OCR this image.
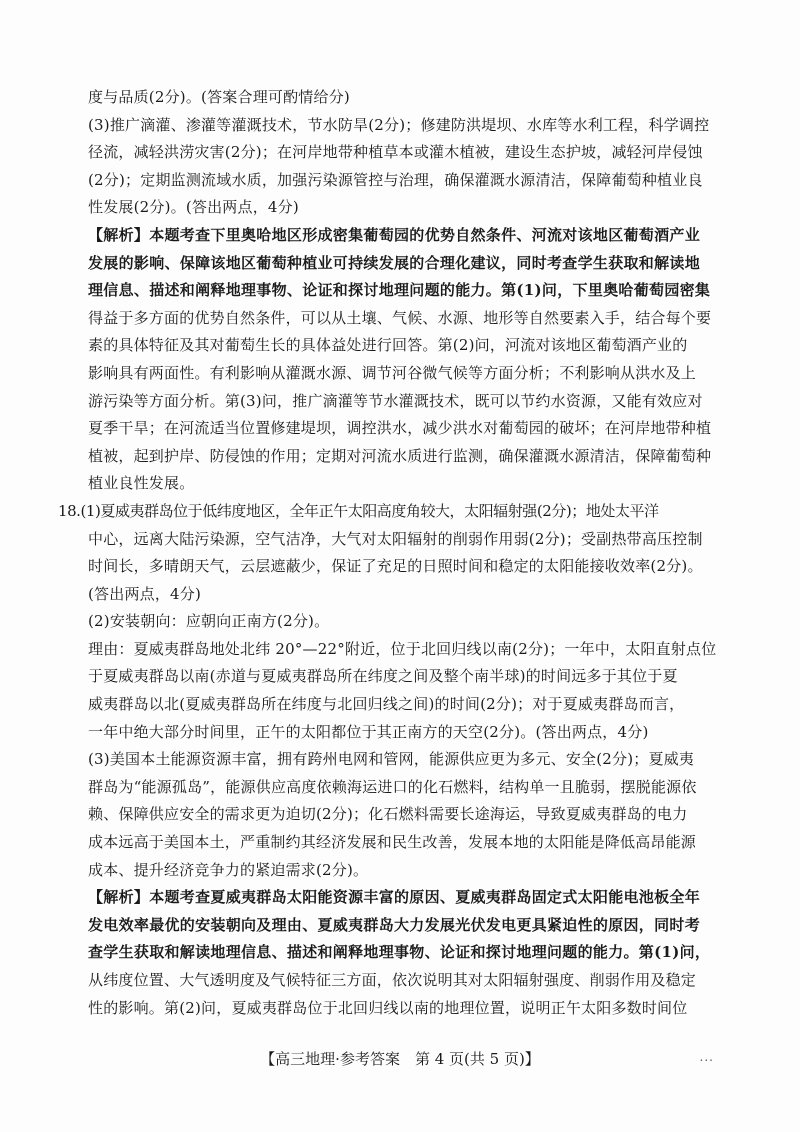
度与品质(2分)。(答案合理可酌情给分)
(3)推广滴灌、渗灌等灌溉技术，节水防旱(2分)；修建防洪堤坝、水库等水利工程，科学调控
径流，减轻洪涝灾害(2分)；在河岸地带种植草本或灌木植被，建设生态护坡，减轻河岸侵蚀
(2分)；定期监测流域水质，加强污染源管控与治理，确保灌溉水源清洁，保障葡萄种植业良
性发展(2分)。(答出两点，4分)
【解析】本题考查下里奥哈地区形成密集葡萄园的优势自然条件、河流对该地区葡萄酒产业
发展的影响、保障该地区葡萄种植业可持续发展的合理化建议，同时考查学生获取和解读地
理信息、描述和阐释地理事物、论证和探讨地理问题的能力。第(1)问，下里奥哈葡萄园密集
得益于多方面的优势自然条件，可以从土壤、气候、水源、地形等自然要素入手，结合每个要
素的具体特征及其对葡萄生长的具体益处进行回答。第(2)问，河流对该地区葡萄酒产业的
影响具有两面性。有利影响从灌溉水源、调节河谷微气候等方面分析；不利影响从洪水及上
游污染等方面分析。第(3)问，推广滴灌等节水灌溉技术，既可以节约水资源，又能有效应对
夏季干旱；在河流适当位置修建堤坝，调控洪水，减少洪水对葡萄园的破坏；在河岸地带种植
植被，起到护岸、防侵蚀的作用；定期对河流水质进行监测，确保灌溉水源清洁，保障葡萄种
植业良性发展。
18.(1)夏威夷群岛位于低纬度地区，全年正午太阳高度角较大，太阳辐射强(2分)；地处太平洋
中心，远离大陆污染源，空气洁净，大气对太阳辐射的削弱作用弱(2分)；受副热带高压控制
时间长，多晴朗天气，云层遮蔽少，保证了充足的日照时间和稳定的太阳能接收效率(2分)。
(答出两点，4分)
(2)安装朝向：应朝向正南方(2分)。
理由：夏威夷群岛地处北纬 20°—22°附近，位于北回归线以南(2分)；一年中，太阳直射点位
于夏威夷群岛以南(赤道与夏威夷群岛所在纬度之间及整个南半球)的时间远多于其位于夏
威夷群岛以北(夏威夷群岛所在纬度与北回归线之间)的时间(2分)；对于夏威夷群岛而言，
一年中绝大部分时间里，正午的太阳都位于其正南方的天空(2分)。(答出两点，4分)
(3)美国本土能源资源丰富，拥有跨州电网和管网，能源供应更为多元、安全(2分)；夏威夷
群岛为“能源孤岛”，能源供应高度依赖海运进口的化石燃料，结构单一且脆弱，摆脱能源依
赖、保障供应安全的需求更为迫切(2分)；化石燃料需要长途海运，导致夏威夷群岛的电力
成本远高于美国本土，严重制约其经济发展和民生改善，发展本地的太阳能是降低高昂能源
成本、提升经济竞争力的紧迫需求(2分)。
【解析】本题考查夏威夷群岛太阳能资源丰富的原因、夏威夷群岛固定式太阳能电池板全年
发电效率最优的安装朝向及理由、夏威夷群岛大力发展光伏发电更具紧迫性的原因，同时考
查学生获取和解读地理信息、描述和阐释地理事物、论证和探讨地理问题的能力。第(1)问，
从纬度位置、大气透明度及气候特征三方面，依次说明其对太阳辐射强度、削弱作用及稳定
性的影响。第(2)问，夏威夷群岛位于北回归线以南的地理位置，说明正午太阳多数时间位
【高三地理·参考答案　第 4 页(共 5 页)】	...
